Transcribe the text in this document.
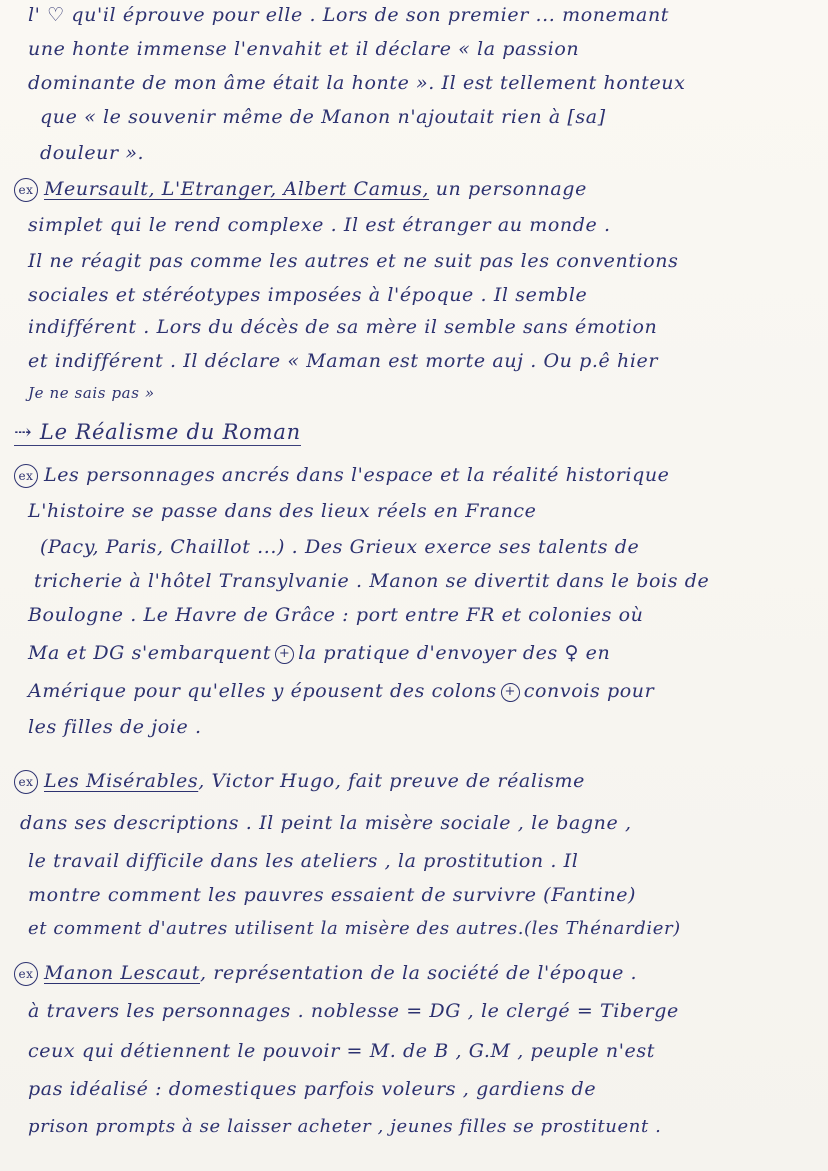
l' ♡ qu'il éprouve pour elle . Lors de son premier ... monemant
une honte immense l'envahit et il déclare « la passion
dominante de mon âme était la honte ». Il est tellement honteux
que « le souvenir même de Manon n'ajoutait rien à [sa]
douleur ».
ex Meursault, L'Etranger, Albert Camus, un personnage
simplet qui le rend complexe . Il est étranger au monde .
Il ne réagit pas comme les autres et ne suit pas les conventions
sociales et stéréotypes imposées à l'époque . Il semble
indifférent . Lors du décès de sa mère il semble sans émotion
et indifférent . Il déclare « Maman est morte auj . Ou p.ê hier
Je ne sais pas »
⇢ Le Réalisme du Roman
ex Les personnages ancrés dans l'espace et la réalité historique
L'histoire se passe dans des lieux réels en France
(Pacy, Paris, Chaillot ...) . Des Grieux exerce ses talents de
tricherie à l'hôtel Transylvanie . Manon se divertit dans le bois de
Boulogne . Le Havre de Grâce : port entre FR et colonies où
Ma et DG s'embarquent + la pratique d'envoyer des ♀ en
Amérique pour qu'elles y épousent des colons + convois pour
les filles de joie .
ex Les Misérables, Victor Hugo, fait preuve de réalisme
dans ses descriptions . Il peint la misère sociale , le bagne ,
le travail difficile dans les ateliers , la prostitution . Il
montre comment les pauvres essaient de survivre (Fantine)
et comment d'autres utilisent la misère des autres.(les Thénardier)
ex Manon Lescaut, représentation de la société de l'époque .
à travers les personnages . noblesse = DG , le clergé = Tiberge
ceux qui détiennent le pouvoir = M. de B , G.M , peuple n'est
pas idéalisé : domestiques parfois voleurs , gardiens de
prison prompts à se laisser acheter , jeunes filles se prostituent .
